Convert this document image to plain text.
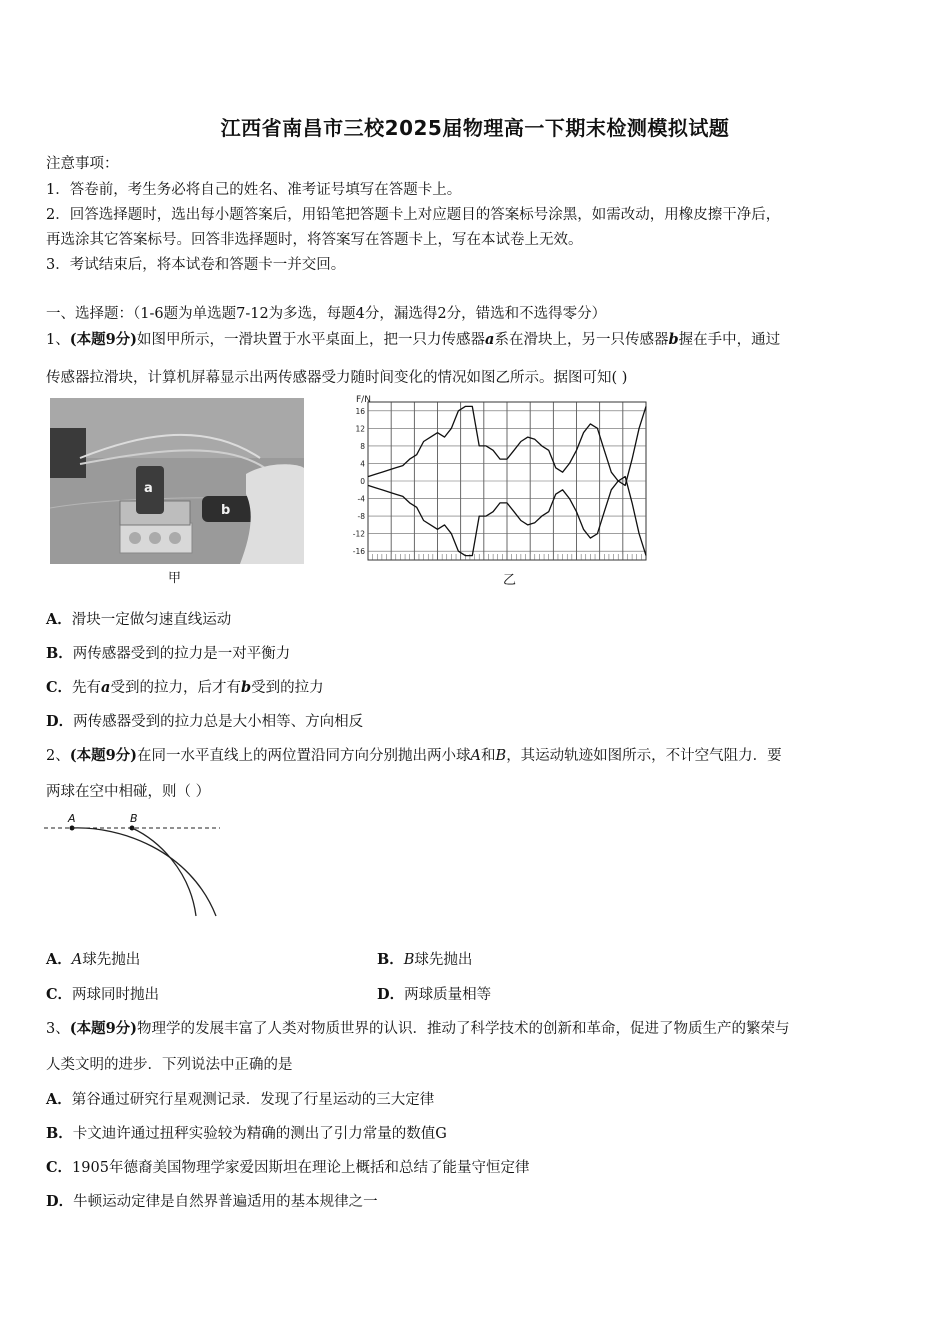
江西省南昌市三校2025届物理高一下期末检测模拟试题
注意事项：
1．答卷前，考生务必将自己的姓名、准考证号填写在答题卡上。
2．回答选择题时，选出每小题答案后，用铅笔把答题卡上对应题目的答案标号涂黑，如需改动，用橡皮擦干净后，
再选涂其它答案标号。回答非选择题时，将答案写在答题卡上，写在本试卷上无效。
3．考试结束后，将本试卷和答题卡一并交回。
一、选择题：（1-6题为单选题7-12为多选，每题4分，漏选得2分，错选和不选得零分）
1、(本题9分)如图甲所示，一滑块置于水平桌面上，把一只力传感器a系在滑块上，另一只传感器b握在手中，通过
传感器拉滑块，计算机屏幕显示出两传感器受力随时间变化的情况如图乙所示。据图可知( )
a
b
甲
16
12
8
4
0
-4
-8
-12
-16
F/N
乙
A．滑块一定做匀速直线运动
B．两传感器受到的拉力是一对平衡力
C．先有a受到的拉力，后才有b受到的拉力
D．两传感器受到的拉力总是大小相等、方向相反
2、(本题9分)在同一水平直线上的两位置沿同方向分别抛出两小球A和B，其运动轨迹如图所示，不计空气阻力．要
两球在空中相碰，则（ ）
A	B
A．A球先抛出	B．B球先抛出
C．两球同时抛出	D．两球质量相等
3、(本题9分)物理学的发展丰富了人类对物质世界的认识．推动了科学技术的创新和革命，促进了物质生产的繁荣与
人类文明的进步．下列说法中正确的是
A．第谷通过研究行星观测记录．发现了行星运动的三大定律
B．卡文迪许通过扭秤实验较为精确的测出了引力常量的数值G
C．1905年德裔美国物理学家爱因斯坦在理论上概括和总结了能量守恒定律
D．牛顿运动定律是自然界普遍适用的基本规律之一
